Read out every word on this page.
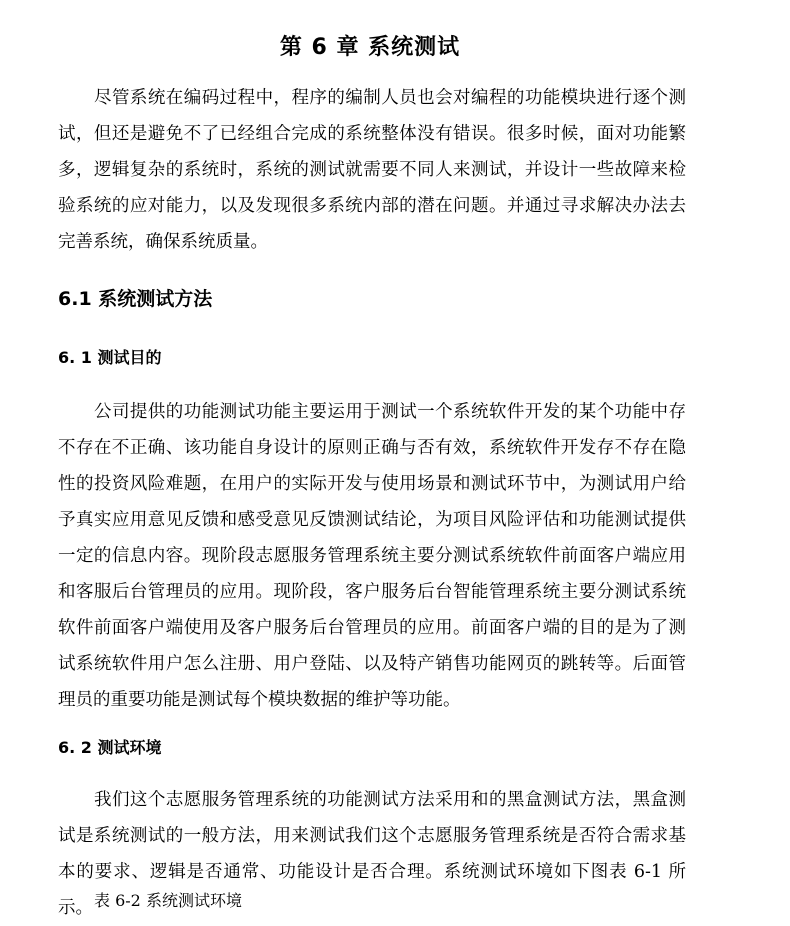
第 6 章 系统测试

尽管系统在编码过程中，程序的编制人员也会对编程的功能模块进行逐个测试，但还是避免不了已经组合完成的系统整体没有错误。很多时候，面对功能繁多，逻辑复杂的系统时，系统的测试就需要不同人来测试，并设计一些故障来检验系统的应对能力，以及发现很多系统内部的潜在问题。并通过寻求解决办法去完善系统，确保系统质量。

6.1 系统测试方法
6. 1 测试目的

公司提供的功能测试功能主要运用于测试一个系统软件开发的某个功能中存不存在不正确、该功能自身设计的原则正确与否有效，系统软件开发存不存在隐性的投资风险难题，在用户的实际开发与使用场景和测试环节中，为测试用户给予真实应用意见反馈和感受意见反馈测试结论，为项目风险评估和功能测试提供一定的信息内容。现阶段志愿服务管理系统主要分测试系统软件前面客户端应用和客服后台管理员的应用。现阶段，客户服务后台智能管理系统主要分测试系统软件前面客户端使用及客户服务后台管理员的应用。前面客户端的目的是为了测试系统软件用户怎么注册、用户登陆、以及特产销售功能网页的跳转等。后面管理员的重要功能是测试每个模块数据的维护等功能。

6. 2 测试环境

我们这个志愿服务管理系统的功能测试方法采用和的黑盒测试方法，黑盒测试是系统测试的一般方法，用来测试我们这个志愿服务管理系统是否符合需求基本的要求、逻辑是否通常、功能设计是否合理。系统测试环境如下图表 6-1 所示。 表 6-2 系统测试环境
